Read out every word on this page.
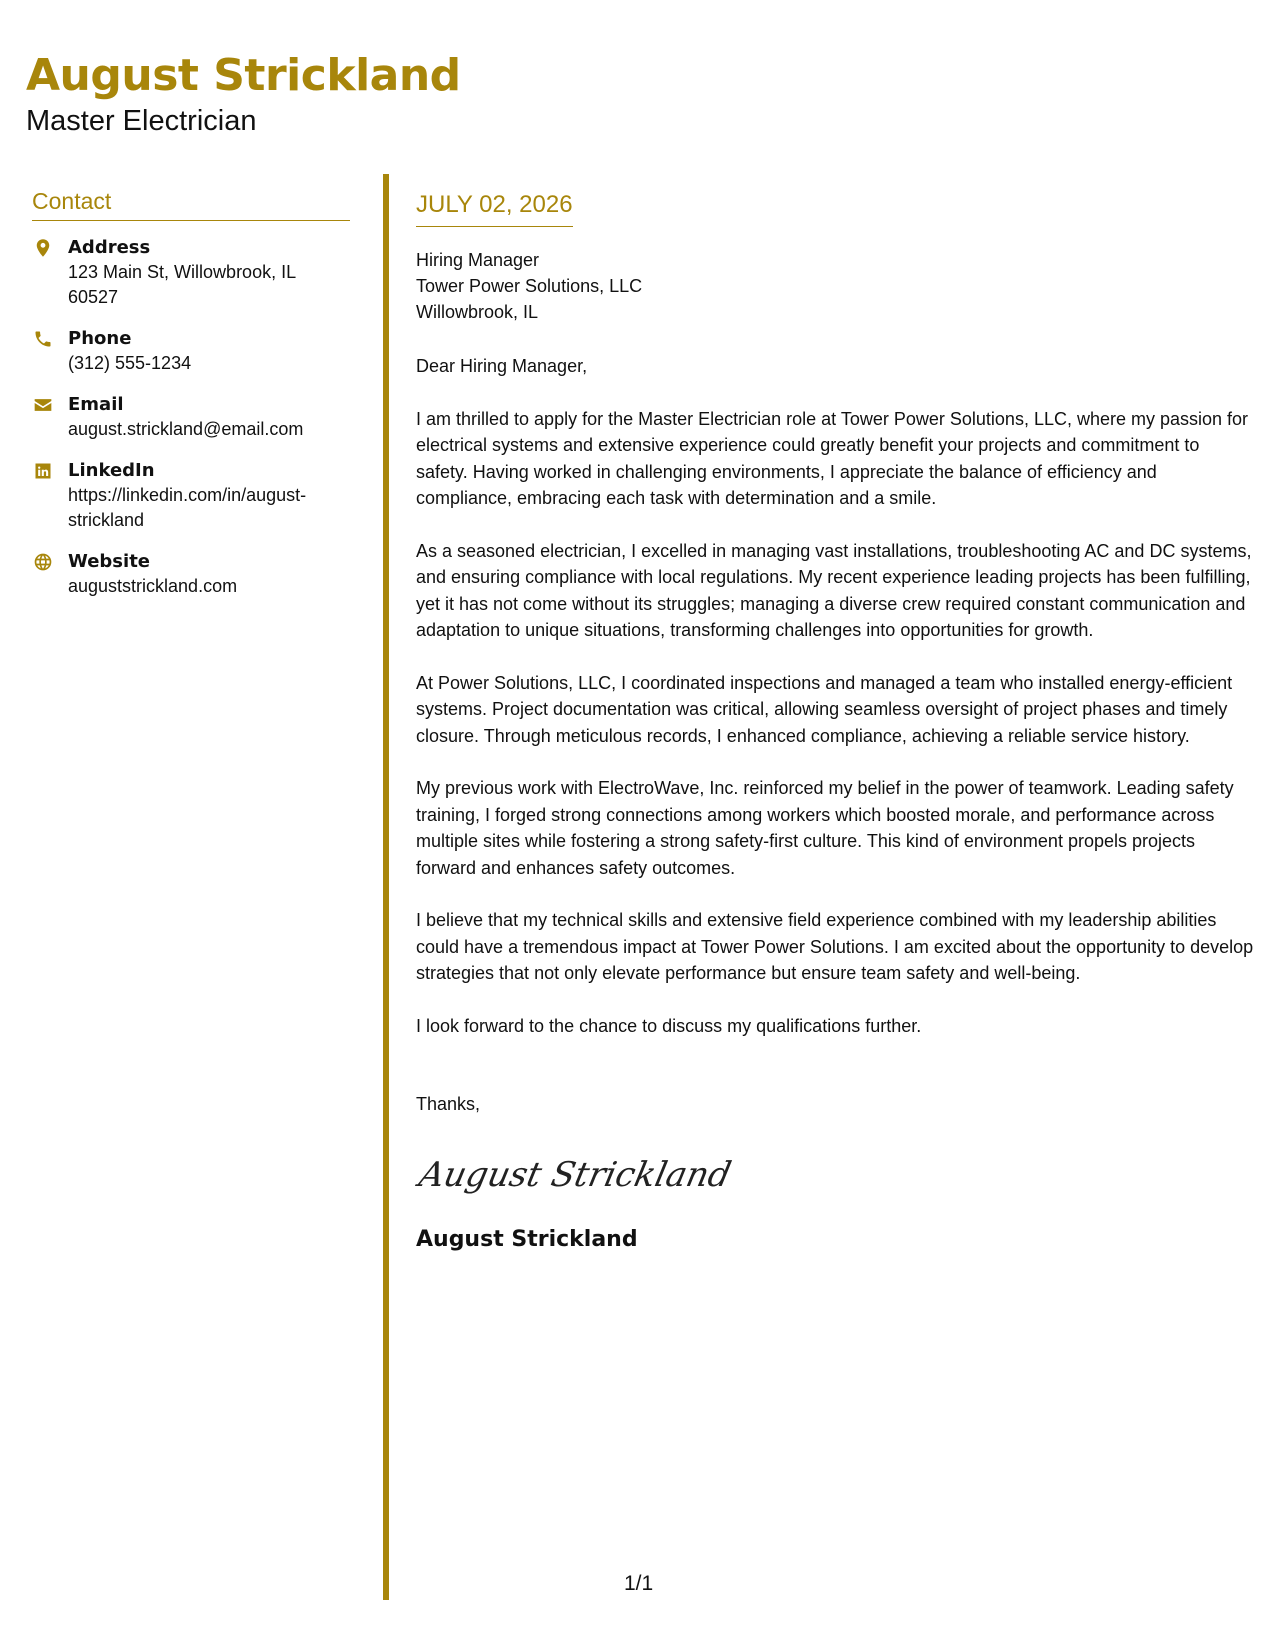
August Strickland
Master Electrician
Contact
Address
123 Main St, Willowbrook, IL 60527
Phone
(312) 555-1234
Email
august.strickland@email.com
LinkedIn
https://linkedin.com/in/august-strickland
Website
auguststrickland.com
JULY 02, 2026
Hiring Manager
Tower Power Solutions, LLC
Willowbrook, IL
Dear Hiring Manager,
I am thrilled to apply for the Master Electrician role at Tower Power Solutions, LLC, where my passion for electrical systems and extensive experience could greatly benefit your projects and commitment to safety. Having worked in challenging environments, I appreciate the balance of efficiency and compliance, embracing each task with determination and a smile.
As a seasoned electrician, I excelled in managing vast installations, troubleshooting AC and DC systems, and ensuring compliance with local regulations. My recent experience leading projects has been fulfilling, yet it has not come without its struggles; managing a diverse crew required constant communication and adaptation to unique situations, transforming challenges into opportunities for growth.
At Power Solutions, LLC, I coordinated inspections and managed a team who installed energy-efficient systems. Project documentation was critical, allowing seamless oversight of project phases and timely closure. Through meticulous records, I enhanced compliance, achieving a reliable service history.
My previous work with ElectroWave, Inc. reinforced my belief in the power of teamwork. Leading safety training, I forged strong connections among workers which boosted morale, and performance across multiple sites while fostering a strong safety-first culture. This kind of environment propels projects forward and enhances safety outcomes.
I believe that my technical skills and extensive field experience combined with my leadership abilities could have a tremendous impact at Tower Power Solutions. I am excited about the opportunity to develop strategies that not only elevate performance but ensure team safety and well-being.
I look forward to the chance to discuss my qualifications further.
Thanks,
August Strickland
August Strickland
1/1
